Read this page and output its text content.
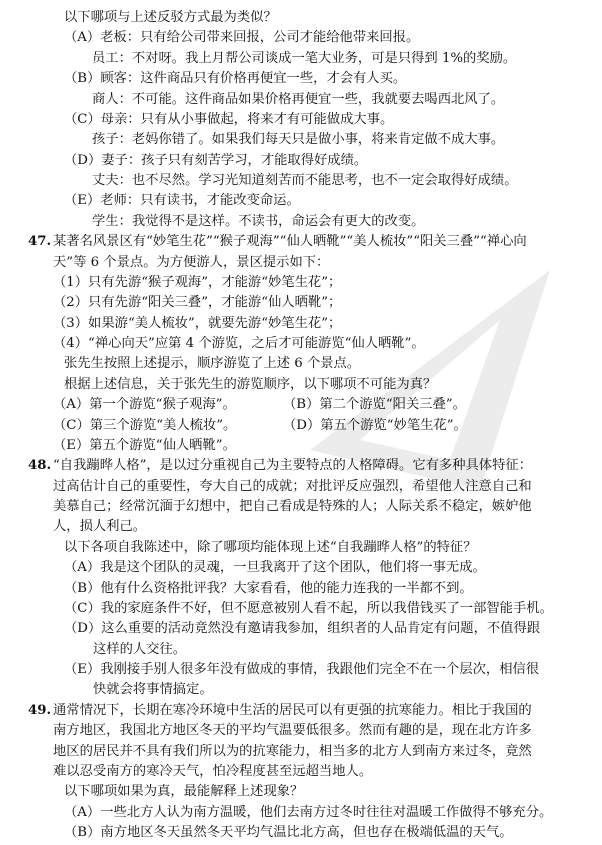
以下哪项与上述反驳方式最为类似？
（A）老板：只有给公司带来回报，公司才能给他带来回报。
员工：不对呀。我上月帮公司谈成一笔大业务，可是只得到 1%的奖励。
（B）顾客：这件商品只有价格再便宜一些，才会有人买。
商人：不可能。这件商品如果价格再便宜一些，我就要去喝西北风了。
（C）母亲：只有从小事做起，将来才有可能做成大事。
孩子：老妈你错了。如果我们每天只是做小事，将来肯定做不成大事。
（D）妻子：孩子只有刻苦学习，才能取得好成绩。
丈夫：也不尽然。学习光知道刻苦而不能思考，也不一定会取得好成绩。
（E）老师：只有读书，才能改变命运。
学生：我觉得不是这样。不读书，命运会有更大的改变。
47. 某著名风景区有“妙笔生花”“猴子观海”“仙人晒靴”“美人梳妆”“阳关三叠”“禅心向
天”等 6 个景点。为方便游人，景区提示如下：
（1）只有先游“猴子观海”，才能游“妙笔生花”；
（2）只有先游“阳关三叠”，才能游“仙人晒靴”；
（3）如果游“美人梳妆”，就要先游“妙笔生花”；
（4）“禅心向天”应第 4 个游览，之后才可能游览“仙人晒靴”。
张先生按照上述提示，顺序游览了上述 6 个景点。
根据上述信息，关于张先生的游览顺序，以下哪项不可能为真？
（A）第一个游览“猴子观海”。	（B）第二个游览“阳关三叠”。
（C）第三个游览“美人梳妆”。	（D）第五个游览“妙笔生花”。
（E）第五个游览“仙人晒靴”。
48. “自我蹦晔人格”，是以过分重视自己为主要特点的人格障碍。它有多种具体特征：
过高估计自己的重要性，夸大自己的成就；对批评反应强烈，希望他人注意自己和
美慕自己；经常沉湎于幻想中，把自己看成是特殊的人；人际关系不稳定，嫉妒他
人，损人利己。
以下各项自我陈述中，除了哪项均能体现上述“自我蹦晔人格”的特征？
（A）我是这个团队的灵魂，一旦我离开了这个团队，他们将一事无成。
（B）他有什么资格批评我？大家看看，他的能力连我的一半都不到。
（C）我的家庭条件不好，但不愿意被别人看不起，所以我借钱买了一部智能手机。
（D）这么重要的活动竟然没有邀请我参加，组织者的人品肯定有问题，不值得跟
这样的人交往。
（E）我刚接手别人很多年没有做成的事情，我跟他们完全不在一个层次，相信很
快就会将事情搞定。
49. 通常情况下，长期在寒冷环境中生活的居民可以有更强的抗寒能力。相比于我国的
南方地区，我国北方地区冬天的平均气温要低很多。然而有趣的是，现在北方许多
地区的居民并不具有我们所以为的抗寒能力，相当多的北方人到南方来过冬，竟然
难以忍受南方的寒冷天气，怕冷程度甚至远超当地人。
以下哪项如果为真，最能解释上述现象？
（A）一些北方人认为南方温暖，他们去南方过冬时往往对温暖工作做得不够充分。
（B）南方地区冬天虽然冬天平均气温比北方高，但也存在极端低温的天气。
